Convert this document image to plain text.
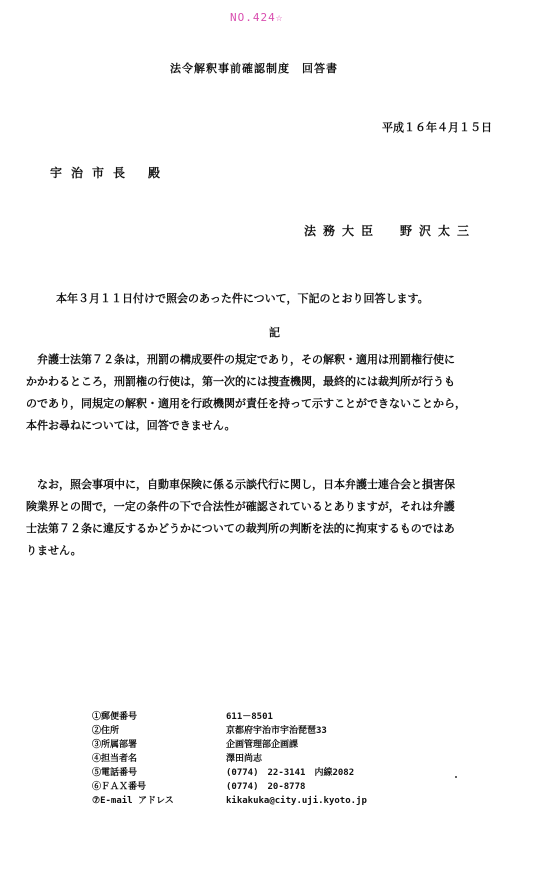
NO.424☆
法令解釈事前確認制度　回答書
平成１６年４月１５日
宇治市長 殿
法務大臣 野沢太三
本年３月１１日付けで照会のあった件について，下記のとおり回答します。
記
　弁護士法第７２条は，刑罰の構成要件の規定であり，その解釈・適用は刑罰権行使に
かかわるところ，刑罰権の行使は，第一次的には捜査機関，最終的には裁判所が行うも
のであり，同規定の解釈・適用を行政機関が責任を持って示すことができないことから，
本件お尋ねについては，回答できません。
　なお，照会事項中に，自動車保険に係る示談代行に関し，日本弁護士連合会と損害保
険業界との間で，一定の条件の下で合法性が確認されているとありますが，それは弁護
士法第７２条に違反するかどうかについての裁判所の判断を法的に拘束するものではあ
りません。
①郵便番号	611－8501
②住所	京都府宇治市宇治琵琶33
③所属部署	企画管理部企画課
④担当者名	澤田尚志
⑤電話番号	(0774)　22-3141　内線2082
⑥ＦＡＸ番号	(0774)　20-8778
⑦E-mail アドレス	kikakuka@city.uji.kyoto.jp
